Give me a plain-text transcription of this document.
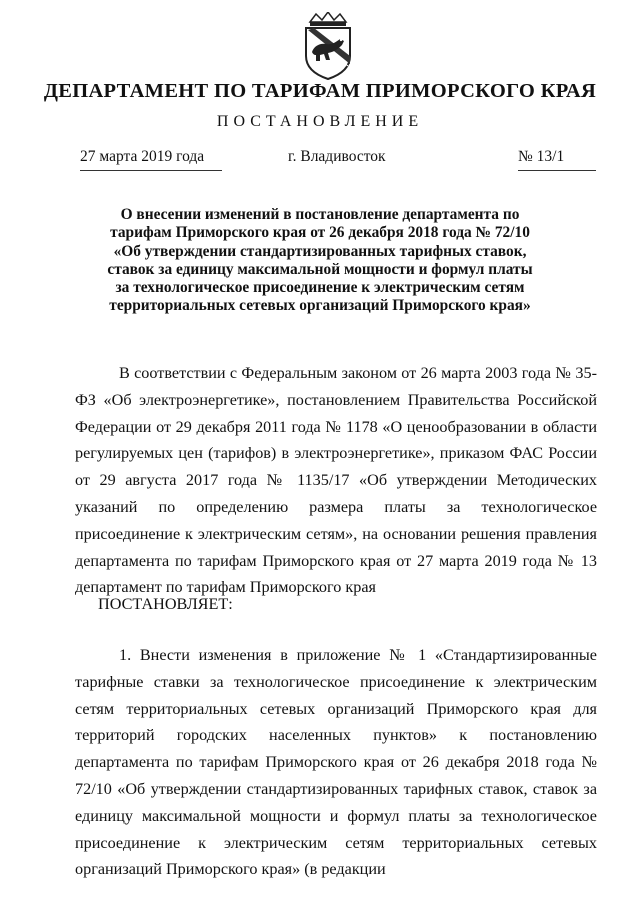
ДЕПАРТАМЕНТ ПО ТАРИФАМ ПРИМОРСКОГО КРАЯ
ПОСТАНОВЛЕНИЕ
27 марта 2019 года	г. Владивосток	№ 13/1
О внесении изменений в постановление департамента по тарифам Приморского края от 26 декабря 2018 года № 72/10 «Об утверждении стандартизированных тарифных ставок, ставок за единицу максимальной мощности и формул платы за технологическое присоединение к электрическим сетям территориальных сетевых организаций Приморского края»
В соответствии с Федеральным законом от 26 марта 2003 года № 35-ФЗ «Об электроэнергетике», постановлением Правительства Российской Федерации от 29 декабря 2011 года № 1178 «О ценообразовании в области регулируемых цен (тарифов) в электроэнергетике», приказом ФАС России от 29 августа 2017 года № 1135/17 «Об утверждении Методических указаний по определению размера платы за технологическое присоединение к электрическим сетям», на основании решения правления департамента по тарифам Приморского края от 27 марта 2019 года № 13 департамент по тарифам Приморского края
ПОСТАНОВЛЯЕТ:
1. Внести изменения в приложение № 1 «Стандартизированные тарифные ставки за технологическое присоединение к электрическим сетям территориальных сетевых организаций Приморского края для территорий городских населенных пунктов» к постановлению департамента по тарифам Приморского края от 26 декабря 2018 года № 72/10 «Об утверждении стандартизированных тарифных ставок, ставок за единицу максимальной мощности и формул платы за технологическое присоединение к электрическим сетям территориальных сетевых организаций Приморского края» (в редакции
